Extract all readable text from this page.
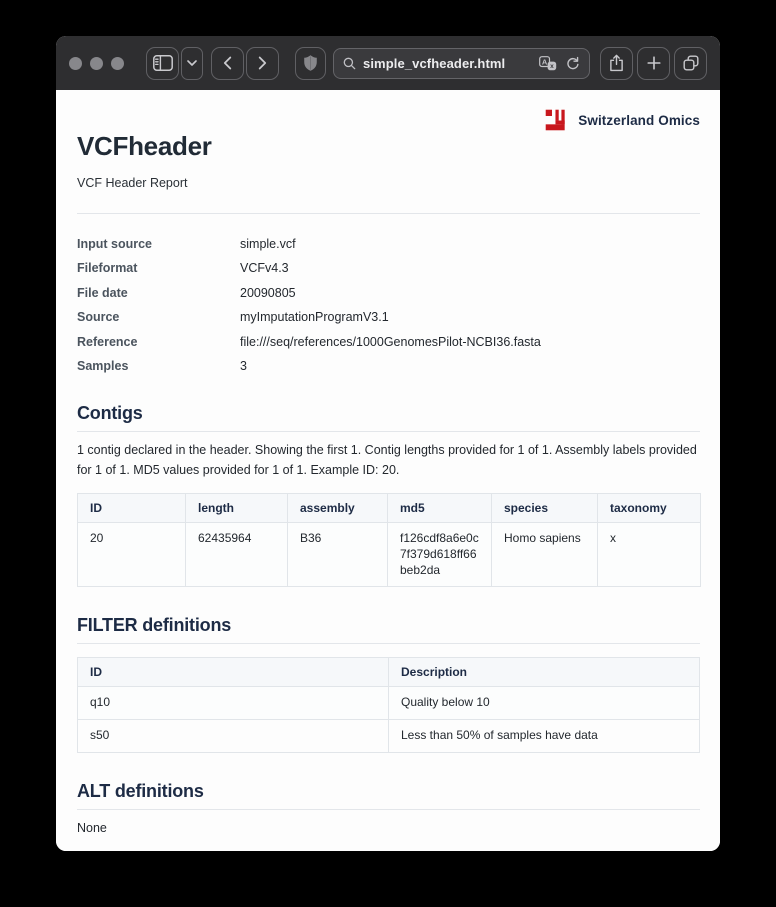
simple_vcfheader.html	A
x
Switzerland Omics
VCFheader
VCF Header Report
Input source	simple.vcf
Fileformat	VCFv4.3
File date	20090805
Source	myImputationProgramV3.1
Reference	file:///seq/references/1000GenomesPilot-NCBI36.fasta
Samples	3
Contigs

1 contig declared in the header. Showing the first 1. Contig lengths provided for 1 of 1. Assembly labels provided for 1 of 1. MD5 values provided for 1 of 1. Example ID: 20.

ID	length	assembly	md5	species	taxonomy
20	62435964	B36	f126cdf8a6e0c7f379d618ff66beb2da	Homo sapiens	x
FILTER definitions
ID	Description
q10	Quality below 10
s50	Less than 50% of samples have data
ALT definitions
None
